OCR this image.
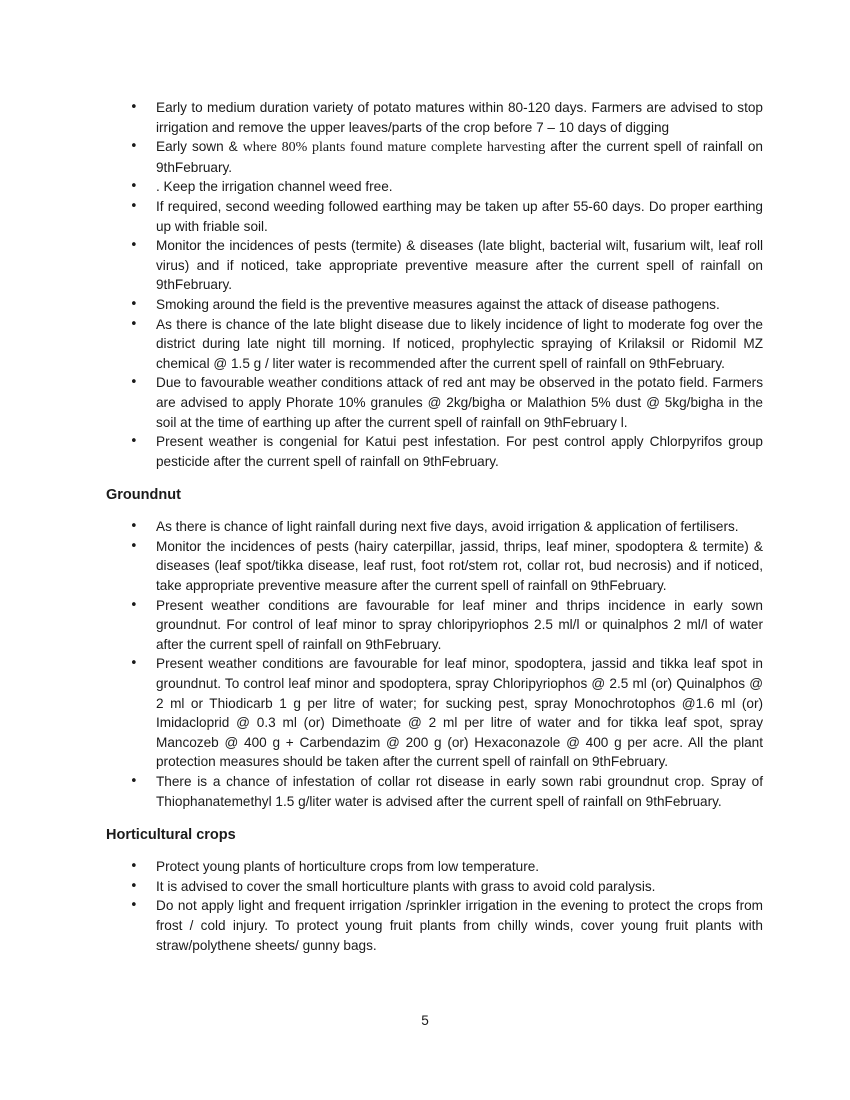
• Early to medium duration variety of potato matures within 80-120 days. Farmers are advised to stop irrigation and remove the upper leaves/parts of the crop before 7 – 10 days of digging
• Early sown & where 80% plants found mature complete harvesting after the current spell of rainfall on 9thFebruary.
• . Keep the irrigation channel weed free.
• If required, second weeding followed earthing may be taken up after 55-60 days. Do proper earthing up with friable soil.
• Monitor the incidences of pests (termite) & diseases (late blight, bacterial wilt, fusarium wilt, leaf roll virus) and if noticed, take appropriate preventive measure after the current spell of rainfall on 9thFebruary.
• Smoking around the field is the preventive measures against the attack of disease pathogens.
• As there is chance of the late blight disease due to likely incidence of light to moderate fog over the district during late night till morning. If noticed, prophylectic spraying of Krilaksil or Ridomil MZ chemical @ 1.5 g / liter water is recommended after the current spell of rainfall on 9thFebruary.
• Due to favourable weather conditions attack of red ant may be observed in the potato field. Farmers are advised to apply Phorate 10% granules @ 2kg/bigha or Malathion 5% dust @ 5kg/bigha in the soil at the time of earthing up after the current spell of rainfall on 9thFebruary l.
• Present weather is congenial for Katui pest infestation. For pest control apply Chlorpyrifos group pesticide after the current spell of rainfall on 9thFebruary.
Groundnut
• As there is chance of light rainfall during next five days, avoid irrigation & application of fertilisers.
• Monitor the incidences of pests (hairy caterpillar, jassid, thrips, leaf miner, spodoptera & termite) & diseases (leaf spot/tikka disease, leaf rust, foot rot/stem rot, collar rot, bud necrosis) and if noticed, take appropriate preventive measure after the current spell of rainfall on 9thFebruary.
• Present weather conditions are favourable for leaf miner and thrips incidence in early sown groundnut. For control of leaf minor to spray chloripyriophos 2.5 ml/l or quinalphos 2 ml/l of water after the current spell of rainfall on 9thFebruary.
• Present weather conditions are favourable for leaf minor, spodoptera, jassid and tikka leaf spot in groundnut. To control leaf minor and spodoptera, spray Chloripyriophos @ 2.5 ml (or) Quinalphos @ 2 ml or Thiodicarb 1 g per litre of water; for sucking pest, spray Monochrotophos @1.6 ml (or) Imidacloprid @ 0.3 ml (or) Dimethoate @ 2 ml per litre of water and for tikka leaf spot, spray Mancozeb @ 400 g + Carbendazim @ 200 g (or) Hexaconazole @ 400 g per acre. All the plant protection measures should be taken after the current spell of rainfall on 9thFebruary.
• There is a chance of infestation of collar rot disease in early sown rabi groundnut crop. Spray of Thiophanatemethyl 1.5 g/liter water is advised after the current spell of rainfall on 9thFebruary.
Horticultural crops
• Protect young plants of horticulture crops from low temperature.
• It is advised to cover the small horticulture plants with grass to avoid cold paralysis.
• Do not apply light and frequent irrigation /sprinkler irrigation in the evening to protect the crops from frost / cold injury. To protect young fruit plants from chilly winds, cover young fruit plants with straw/polythene sheets/ gunny bags.
5
